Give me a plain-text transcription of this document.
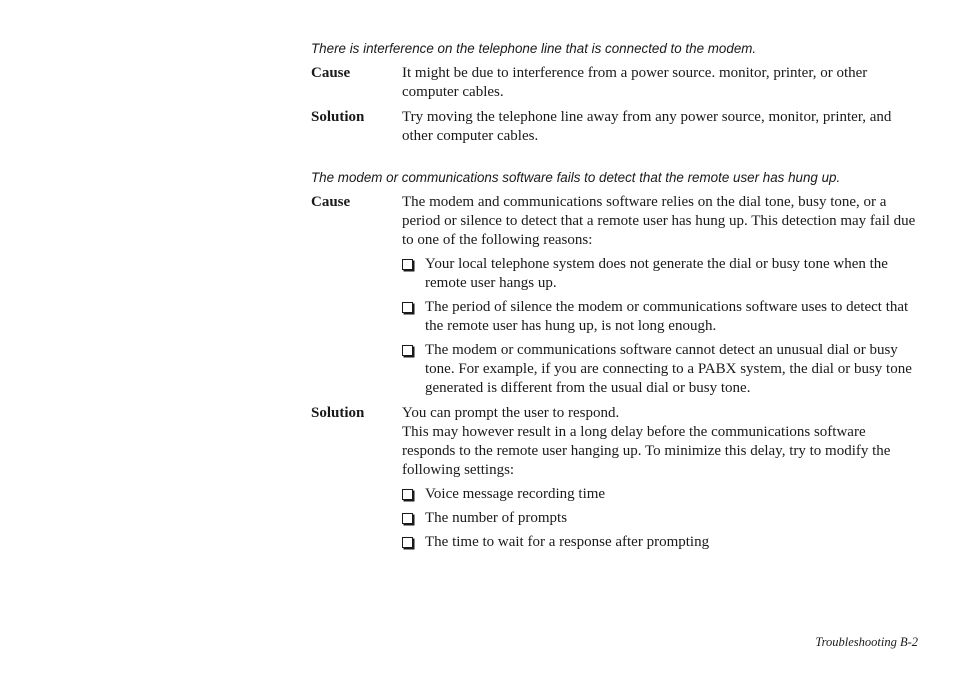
There is interference on the telephone line that is connected to the modem.
Cause	It might be due to interference from a power source. monitor, printer, or other computer cables.

Solution	Try moving the telephone line away from any power source, monitor, printer, and other computer cables.

The modem or communications software fails to detect that the remote user has hung up.
Cause	The modem and communications software relies on the dial tone, busy tone, or a period or silence to detect that a remote user has hung up. This detection may fail due to one of the following reasons:

Your local telephone system does not generate the dial or busy tone when the remote user hangs up.
The period of silence the modem or communications software uses to detect that the remote user has hung up, is not long enough.
The modem or communications software cannot detect an unusual dial or busy tone. For example, if you are connecting to a PABX system, the dial or busy tone generated is different from the usual dial or busy tone.
Solution	You can prompt the user to respond.

This may however result in a long delay before the communications software responds to the remote user hanging up. To minimize this delay, try to modify the following settings:

Voice message recording time
The number of prompts
The time to wait for a response after prompting
Troubleshooting B-2
